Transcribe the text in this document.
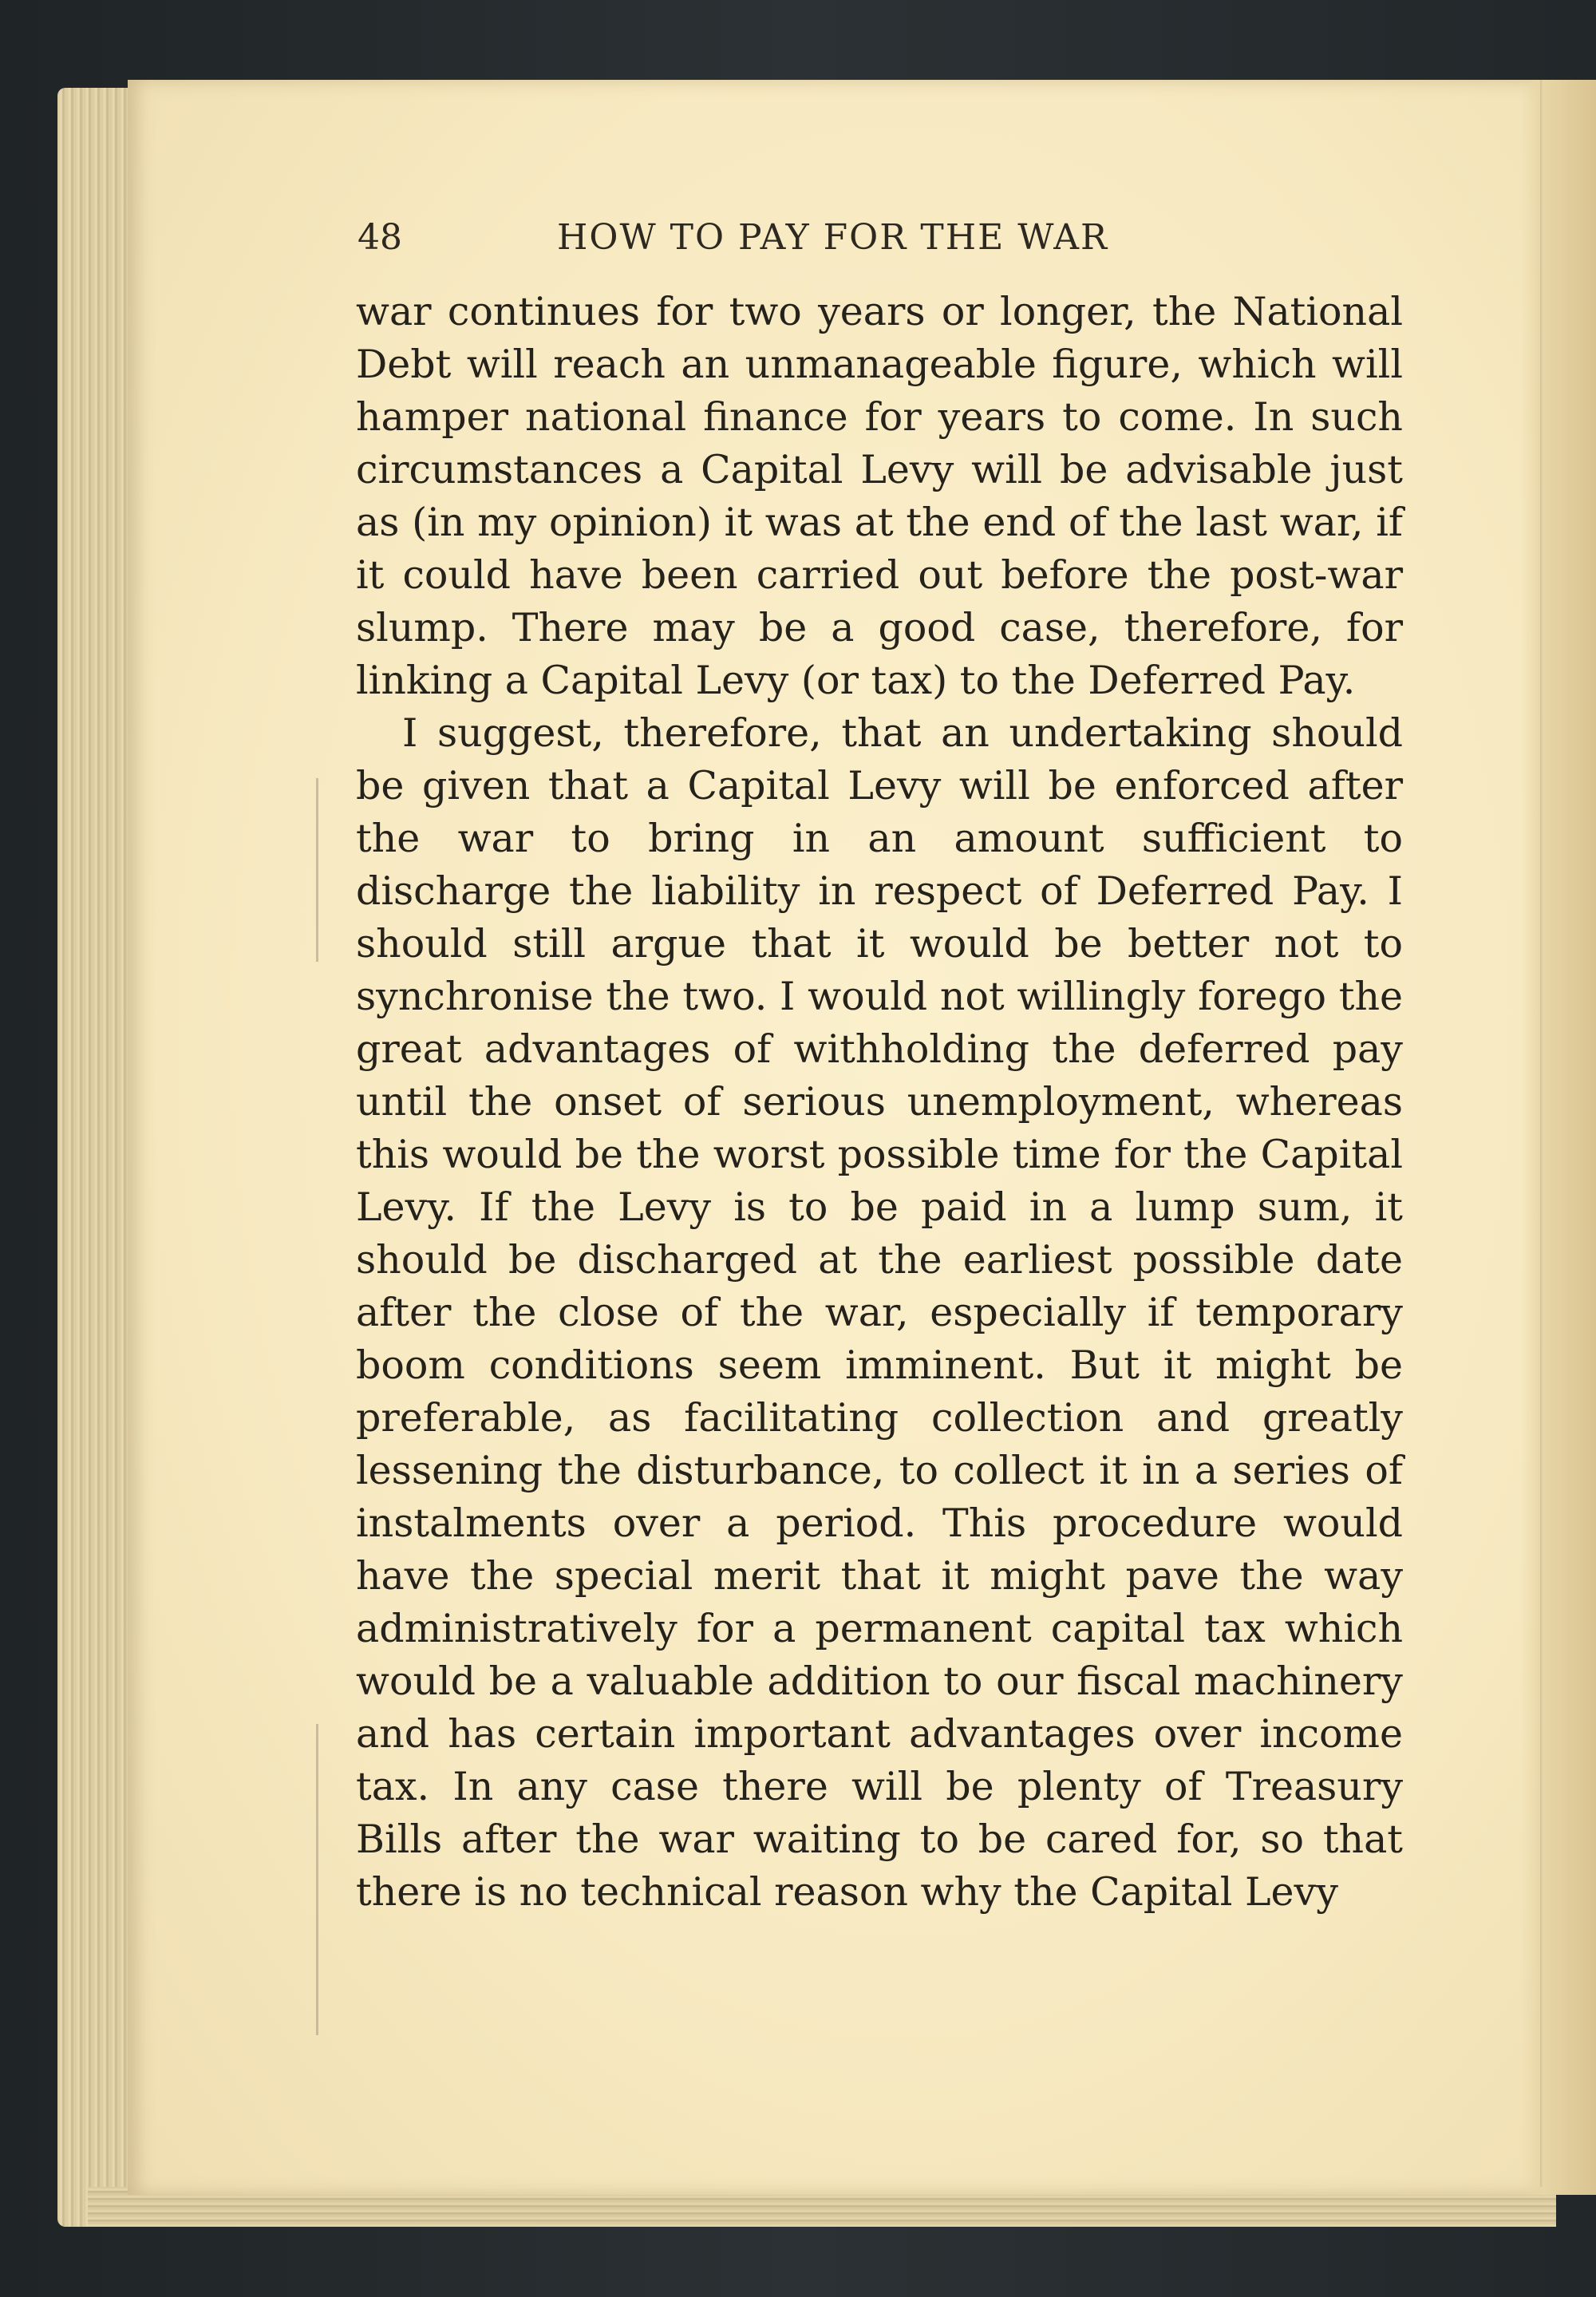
48	HOW TO PAY FOR THE WAR

war continues for two years or longer, the National Debt will reach an unmanageable figure, which will hamper national finance for years to come. In such circumstances a Capital Levy will be advisable just as (in my opinion) it was at the end of the last war, if it could have been carried out before the post-war slump. There may be a good case, therefore, for linking a Capital Levy (or tax) to the Deferred Pay.

I suggest, therefore, that an undertaking should be given that a Capital Levy will be enforced after the war to bring in an amount sufficient to discharge the liability in respect of Deferred Pay. I should still argue that it would be better not to synchronise the two. I would not willingly forego the great advantages of withholding the deferred pay until the onset of serious unemployment, whereas this would be the worst possible time for the Capital Levy. If the Levy is to be paid in a lump sum, it should be discharged at the earliest possible date after the close of the war, especially if temporary boom conditions seem imminent. But it might be preferable, as facilitating collection and greatly lessening the disturbance, to collect it in a series of instalments over a period. This procedure would have the special merit that it might pave the way administratively for a permanent capital tax which would be a valuable addition to our fiscal machinery and has certain important advantages over income tax. In any case there will be plenty of Treasury Bills after the war waiting to be cared for, so that there is no technical reason why the Capital Levy
